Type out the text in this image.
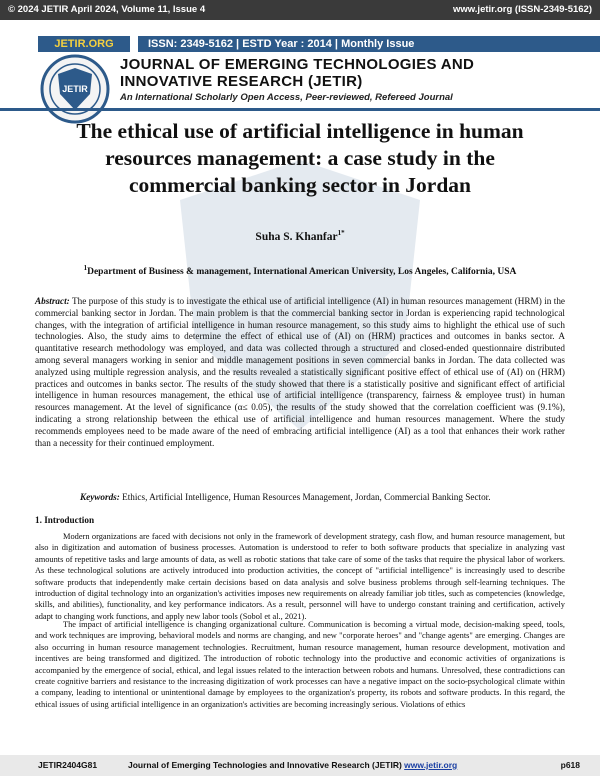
© 2024 JETIR April 2024, Volume 11, Issue 4	www.jetir.org (ISSN-2349-5162)
JETIR.ORG	ISSN: 2349-5162 | ESTD Year : 2014 | Monthly Issue
JETIR
JOURNAL OF EMERGING TECHNOLOGIES AND
INNOVATIVE RESEARCH (JETIR)
An International Scholarly Open Access, Peer-reviewed, Refereed Journal
The ethical use of artificial intelligence in human resources management: a case study in the commercial banking sector in Jordan
Suha S. Khanfar$^{1*}$
$^1$Department of Business & management, International American University, Los Angeles, California, USA
Abstract: The purpose of this study is to investigate the ethical use of artificial intelligence (AI) in human resources management (HRM) in the commercial banking sector in Jordan. The main problem is that the commercial banking sector in Jordan is experiencing rapid technological changes, with the integration of artificial intelligence in human resource management, so this study aims to highlight the ethical use of such technologies. Also, the study aims to determine the effect of ethical use of (AI) on (HRM) practices and outcomes in banks sector. A quantitative research methodology was employed, and data was collected through a structured and closed-ended questionnaire distributed among several managers working in senior and middle management positions in seven commercial banks in Jordan. The data collected was analyzed using multiple regression analysis, and the results revealed a statistically significant positive effect of ethical use of (AI) on (HRM) practices and outcomes in banks sector. The results of the study showed that there is a statistically positive and significant effect of artificial intelligence in human resources management, the ethical use of artificial intelligence (transparency, fairness & employee trust) in human resources management. At the level of significance (α≤ 0.05), the results of the study showed that the correlation coefficient was (9.1%), indicating a strong relationship between the ethical use of artificial intelligence and human resources management. Where the study recommends employees need to be made aware of the need of embracing artificial intelligence (AI) as a tool that enhances their work rather than a necessity for their continued employment.
Keywords: Ethics, Artificial Intelligence, Human Resources Management, Jordan, Commercial Banking Sector.
1. Introduction
Modern organizations are faced with decisions not only in the framework of development strategy, cash flow, and human resource management, but also in digitization and automation of business processes. Automation is understood to refer to both software products that specialize in analyzing vast amounts of repetitive tasks and large amounts of data, as well as robotic stations that take care of some of the tasks that require the physical labor of workers. As these technological solutions are actively introduced into production activities, the concept of "artificial intelligence" is increasingly used to describe software products that independently make certain decisions based on data analysis and solve business problems through self-learning techniques. The introduction of digital technology into an organization's activities imposes new requirements on already familiar job titles, such as competencies (knowledge, skills, and abilities), functionality, and key performance indicators. As a result, personnel will have to undergo constant training and certification, actively adapt to changing work functions, and apply new labor tools (Sobol et al., 2021).
The impact of artificial intelligence is changing organizational culture. Communication is becoming a virtual mode, decision-making speed, tools, and work techniques are improving, behavioral models and norms are changing, and new "corporate heroes" and "change agents" are emerging. Changes are also occurring in human resource management technologies. Recruitment, human resource management, human resource development, motivation and incentives are being transformed and digitized. The introduction of robotic technology into the productive and economic activities of organizations is accompanied by the emergence of social, ethical, and legal issues related to the interaction between robots and humans. Unresolved, these contradictions can create cognitive barriers and resistance to the increasing digitization of work processes can have a negative impact on the socio-psychological climate within a company, leading to intentional or unintentional damage by employees to the organization's property, its robots and software products. In this regard, the ethical issues of using artificial intelligence in an organization's activities are becoming increasingly serious. Violations of ethics
JETIR2404G81	Journal of Emerging Technologies and Innovative Research (JETIR) www.jetir.org	p618
